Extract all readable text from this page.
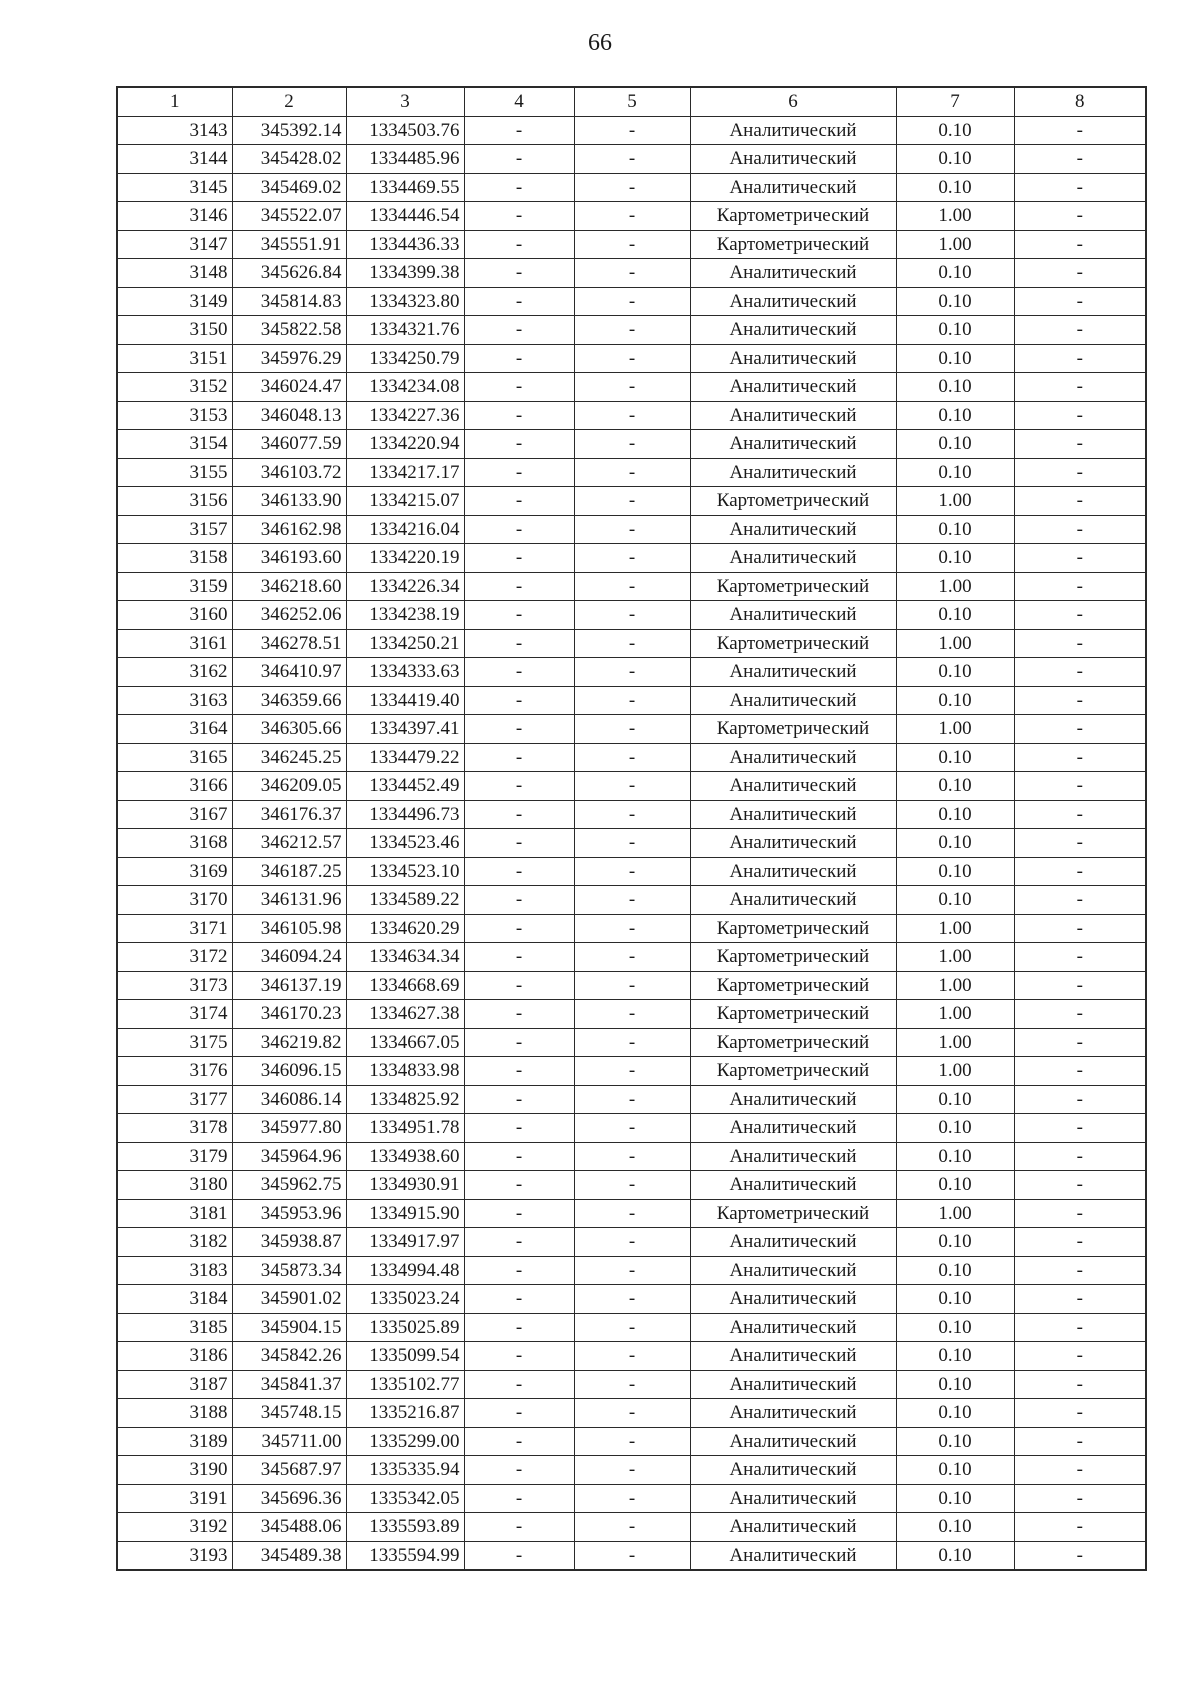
66
1	2	3	4	5	6	7	8
3143	345392.14	1334503.76	-	-	Аналитический	0.10	-
3144	345428.02	1334485.96	-	-	Аналитический	0.10	-
3145	345469.02	1334469.55	-	-	Аналитический	0.10	-
3146	345522.07	1334446.54	-	-	Картометрический	1.00	-
3147	345551.91	1334436.33	-	-	Картометрический	1.00	-
3148	345626.84	1334399.38	-	-	Аналитический	0.10	-
3149	345814.83	1334323.80	-	-	Аналитический	0.10	-
3150	345822.58	1334321.76	-	-	Аналитический	0.10	-
3151	345976.29	1334250.79	-	-	Аналитический	0.10	-
3152	346024.47	1334234.08	-	-	Аналитический	0.10	-
3153	346048.13	1334227.36	-	-	Аналитический	0.10	-
3154	346077.59	1334220.94	-	-	Аналитический	0.10	-
3155	346103.72	1334217.17	-	-	Аналитический	0.10	-
3156	346133.90	1334215.07	-	-	Картометрический	1.00	-
3157	346162.98	1334216.04	-	-	Аналитический	0.10	-
3158	346193.60	1334220.19	-	-	Аналитический	0.10	-
3159	346218.60	1334226.34	-	-	Картометрический	1.00	-
3160	346252.06	1334238.19	-	-	Аналитический	0.10	-
3161	346278.51	1334250.21	-	-	Картометрический	1.00	-
3162	346410.97	1334333.63	-	-	Аналитический	0.10	-
3163	346359.66	1334419.40	-	-	Аналитический	0.10	-
3164	346305.66	1334397.41	-	-	Картометрический	1.00	-
3165	346245.25	1334479.22	-	-	Аналитический	0.10	-
3166	346209.05	1334452.49	-	-	Аналитический	0.10	-
3167	346176.37	1334496.73	-	-	Аналитический	0.10	-
3168	346212.57	1334523.46	-	-	Аналитический	0.10	-
3169	346187.25	1334523.10	-	-	Аналитический	0.10	-
3170	346131.96	1334589.22	-	-	Аналитический	0.10	-
3171	346105.98	1334620.29	-	-	Картометрический	1.00	-
3172	346094.24	1334634.34	-	-	Картометрический	1.00	-
3173	346137.19	1334668.69	-	-	Картометрический	1.00	-
3174	346170.23	1334627.38	-	-	Картометрический	1.00	-
3175	346219.82	1334667.05	-	-	Картометрический	1.00	-
3176	346096.15	1334833.98	-	-	Картометрический	1.00	-
3177	346086.14	1334825.92	-	-	Аналитический	0.10	-
3178	345977.80	1334951.78	-	-	Аналитический	0.10	-
3179	345964.96	1334938.60	-	-	Аналитический	0.10	-
3180	345962.75	1334930.91	-	-	Аналитический	0.10	-
3181	345953.96	1334915.90	-	-	Картометрический	1.00	-
3182	345938.87	1334917.97	-	-	Аналитический	0.10	-
3183	345873.34	1334994.48	-	-	Аналитический	0.10	-
3184	345901.02	1335023.24	-	-	Аналитический	0.10	-
3185	345904.15	1335025.89	-	-	Аналитический	0.10	-
3186	345842.26	1335099.54	-	-	Аналитический	0.10	-
3187	345841.37	1335102.77	-	-	Аналитический	0.10	-
3188	345748.15	1335216.87	-	-	Аналитический	0.10	-
3189	345711.00	1335299.00	-	-	Аналитический	0.10	-
3190	345687.97	1335335.94	-	-	Аналитический	0.10	-
3191	345696.36	1335342.05	-	-	Аналитический	0.10	-
3192	345488.06	1335593.89	-	-	Аналитический	0.10	-
3193	345489.38	1335594.99	-	-	Аналитический	0.10	-
